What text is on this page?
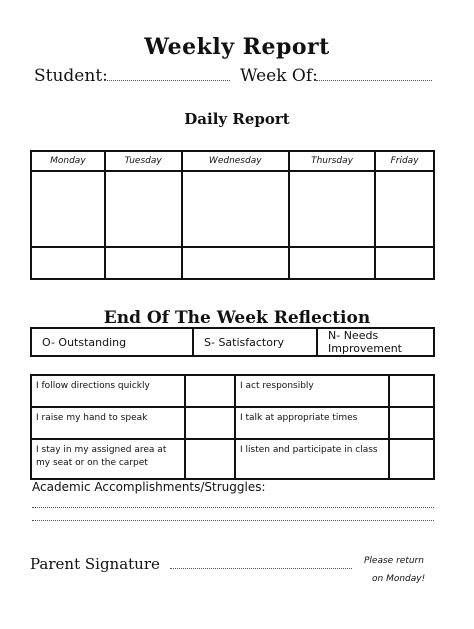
Weekly Report
Student:	Week Of:
Daily Report
Monday	Tuesday	Wednesday	Thursday	Friday

End Of The Week Reflection
O- Outstanding	S- Satisfactory	N- Needs Improvement
I follow directions quickly		I act responsibly	
I raise my hand to speak		I talk at appropriate times	
I stay in my assigned area at my seat or on the carpet		I listen and participate in class	
Academic Accomplishments/Struggles:
Parent Signature	Please return
on Monday!
